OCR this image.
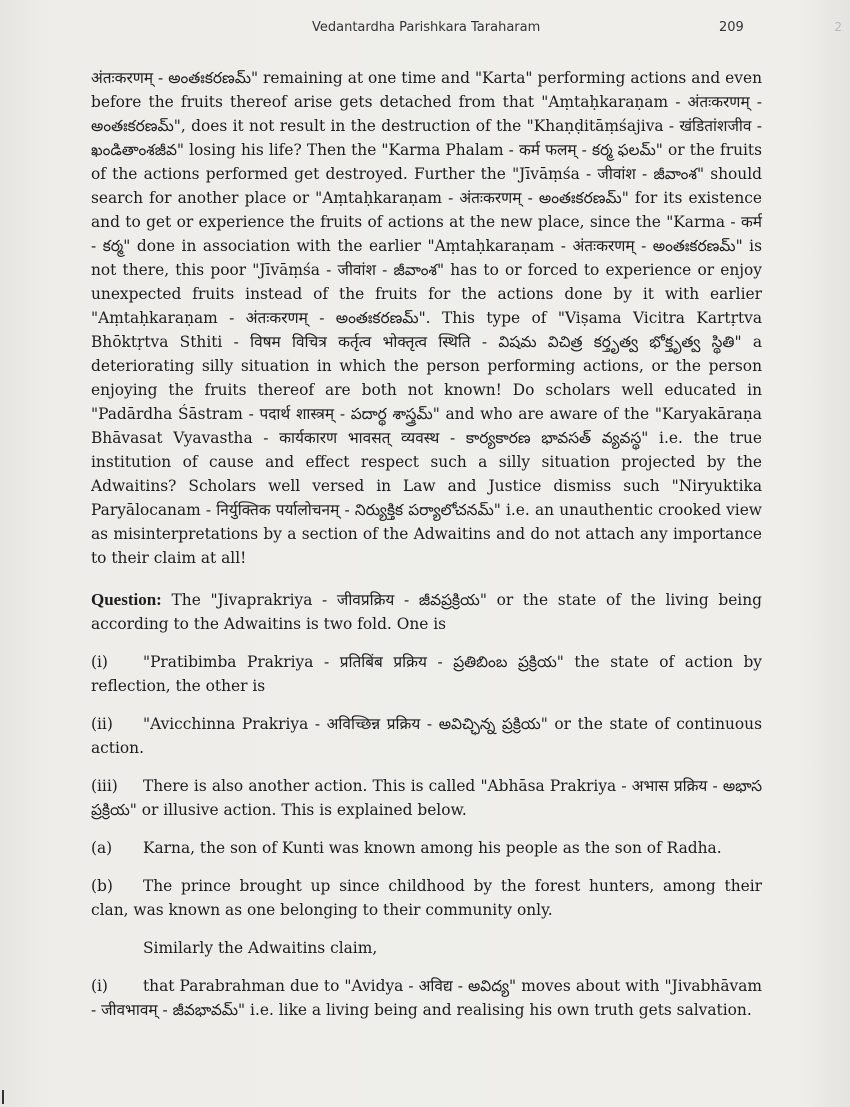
2
Vedantardha Parishkara Taraharam	209

अंतःकरणम् - అంతఃకరణమ్" remaining at one time and "Karta" performing actions and even before the fruits thereof arise gets detached from that "Aṃtaḥkaraṇam - अंतःकरणम् - అంతఃకరణమ్", does it not result in the destruction of the "Khaṇḍitāṃśajiva - खंडितांशजीव - ఖండితాంశజీవ" losing his life? Then the "Karma Phalam - कर्म फलम् - కర్మ ఫలమ్" or the fruits of the actions performed get destroyed. Further the "Jīvāṃśa - जीवांश - జీవాంశ" should search for another place or "Aṃtaḥkaraṇam - अंतःकरणम् - అంతఃకరణమ్" for its existence and to get or experience the fruits of actions at the new place, since the "Karma - कर्म - కర్మ" done in association with the earlier "Aṃtaḥkaraṇam - अंतःकरणम् - అంతఃకరణమ్" is not there, this poor "Jīvāṃśa - जीवांश - జీవాంశ" has to or forced to experience or enjoy unexpected fruits instead of the fruits for the actions done by it with earlier "Aṃtaḥkaraṇam - अंतःकरणम् - అంతఃకరణమ్". This type of "Viṣama Vicitra Kartṛtva Bhōktṛtva Sthiti - विषम विचित्र कर्तृत्व भोक्तृत्व स्थिति - విషమ విచిత్ర కర్తృత్వ భోక్తృత్వ స్థితి" a deteriorating silly situation in which the person performing actions, or the person enjoying the fruits thereof are both not known! Do scholars well educated in "Padārdha Śāstram - पदार्थ शास्त्रम् - పదార్థ శాస్త్రమ్" and who are aware of the "Karyakāraṇa Bhāvasat Vyavastha - कार्यकारण भावसत् व्यवस्थ - కార్యకారణ భావసత్ వ్యవస్థ" i.e. the true institution of cause and effect respect such a silly situation projected by the Adwaitins? Scholars well versed in Law and Justice dismiss such "Niryuktika Paryālocanam - निर्युक्तिक पर्यालोचनम् - నిర్యుక్తిక పర్యాలోచనమ్" i.e. an unauthentic crooked view as misinterpretations by a section of the Adwaitins and do not attach any importance to their claim at all!

Question: The "Jivaprakriya - जीवप्रक्रिय - జీవప్రక్రియ" or the state of the living being according to the Adwaitins is two fold. One is

(i) "Pratibimba Prakriya - प्रतिबिंब प्रक्रिय - ప్రతిబింబ ప్రక్రియ" the state of action by reflection, the other is

(ii) "Avicchinna Prakriya - अविच्छिन्न प्रक्रिय - అవిచ్ఛిన్న ప్రక్రియ" or the state of continuous action.

(iii) There is also another action. This is called "Abhāsa Prakriya - अभास प्रक्रिय - అభాస ప్రక్రియ" or illusive action. This is explained below.

(a) Karna, the son of Kunti was known among his people as the son of Radha.

(b) The prince brought up since childhood by the forest hunters, among their clan, was known as one belonging to their community only.

Similarly the Adwaitins claim,

(i) that Parabrahman due to "Avidya - अविद्य - అవిద్య" moves about with "Jivabhāvam - जीवभावम् - జీవభావమ్" i.e. like a living being and realising his own truth gets salvation.
